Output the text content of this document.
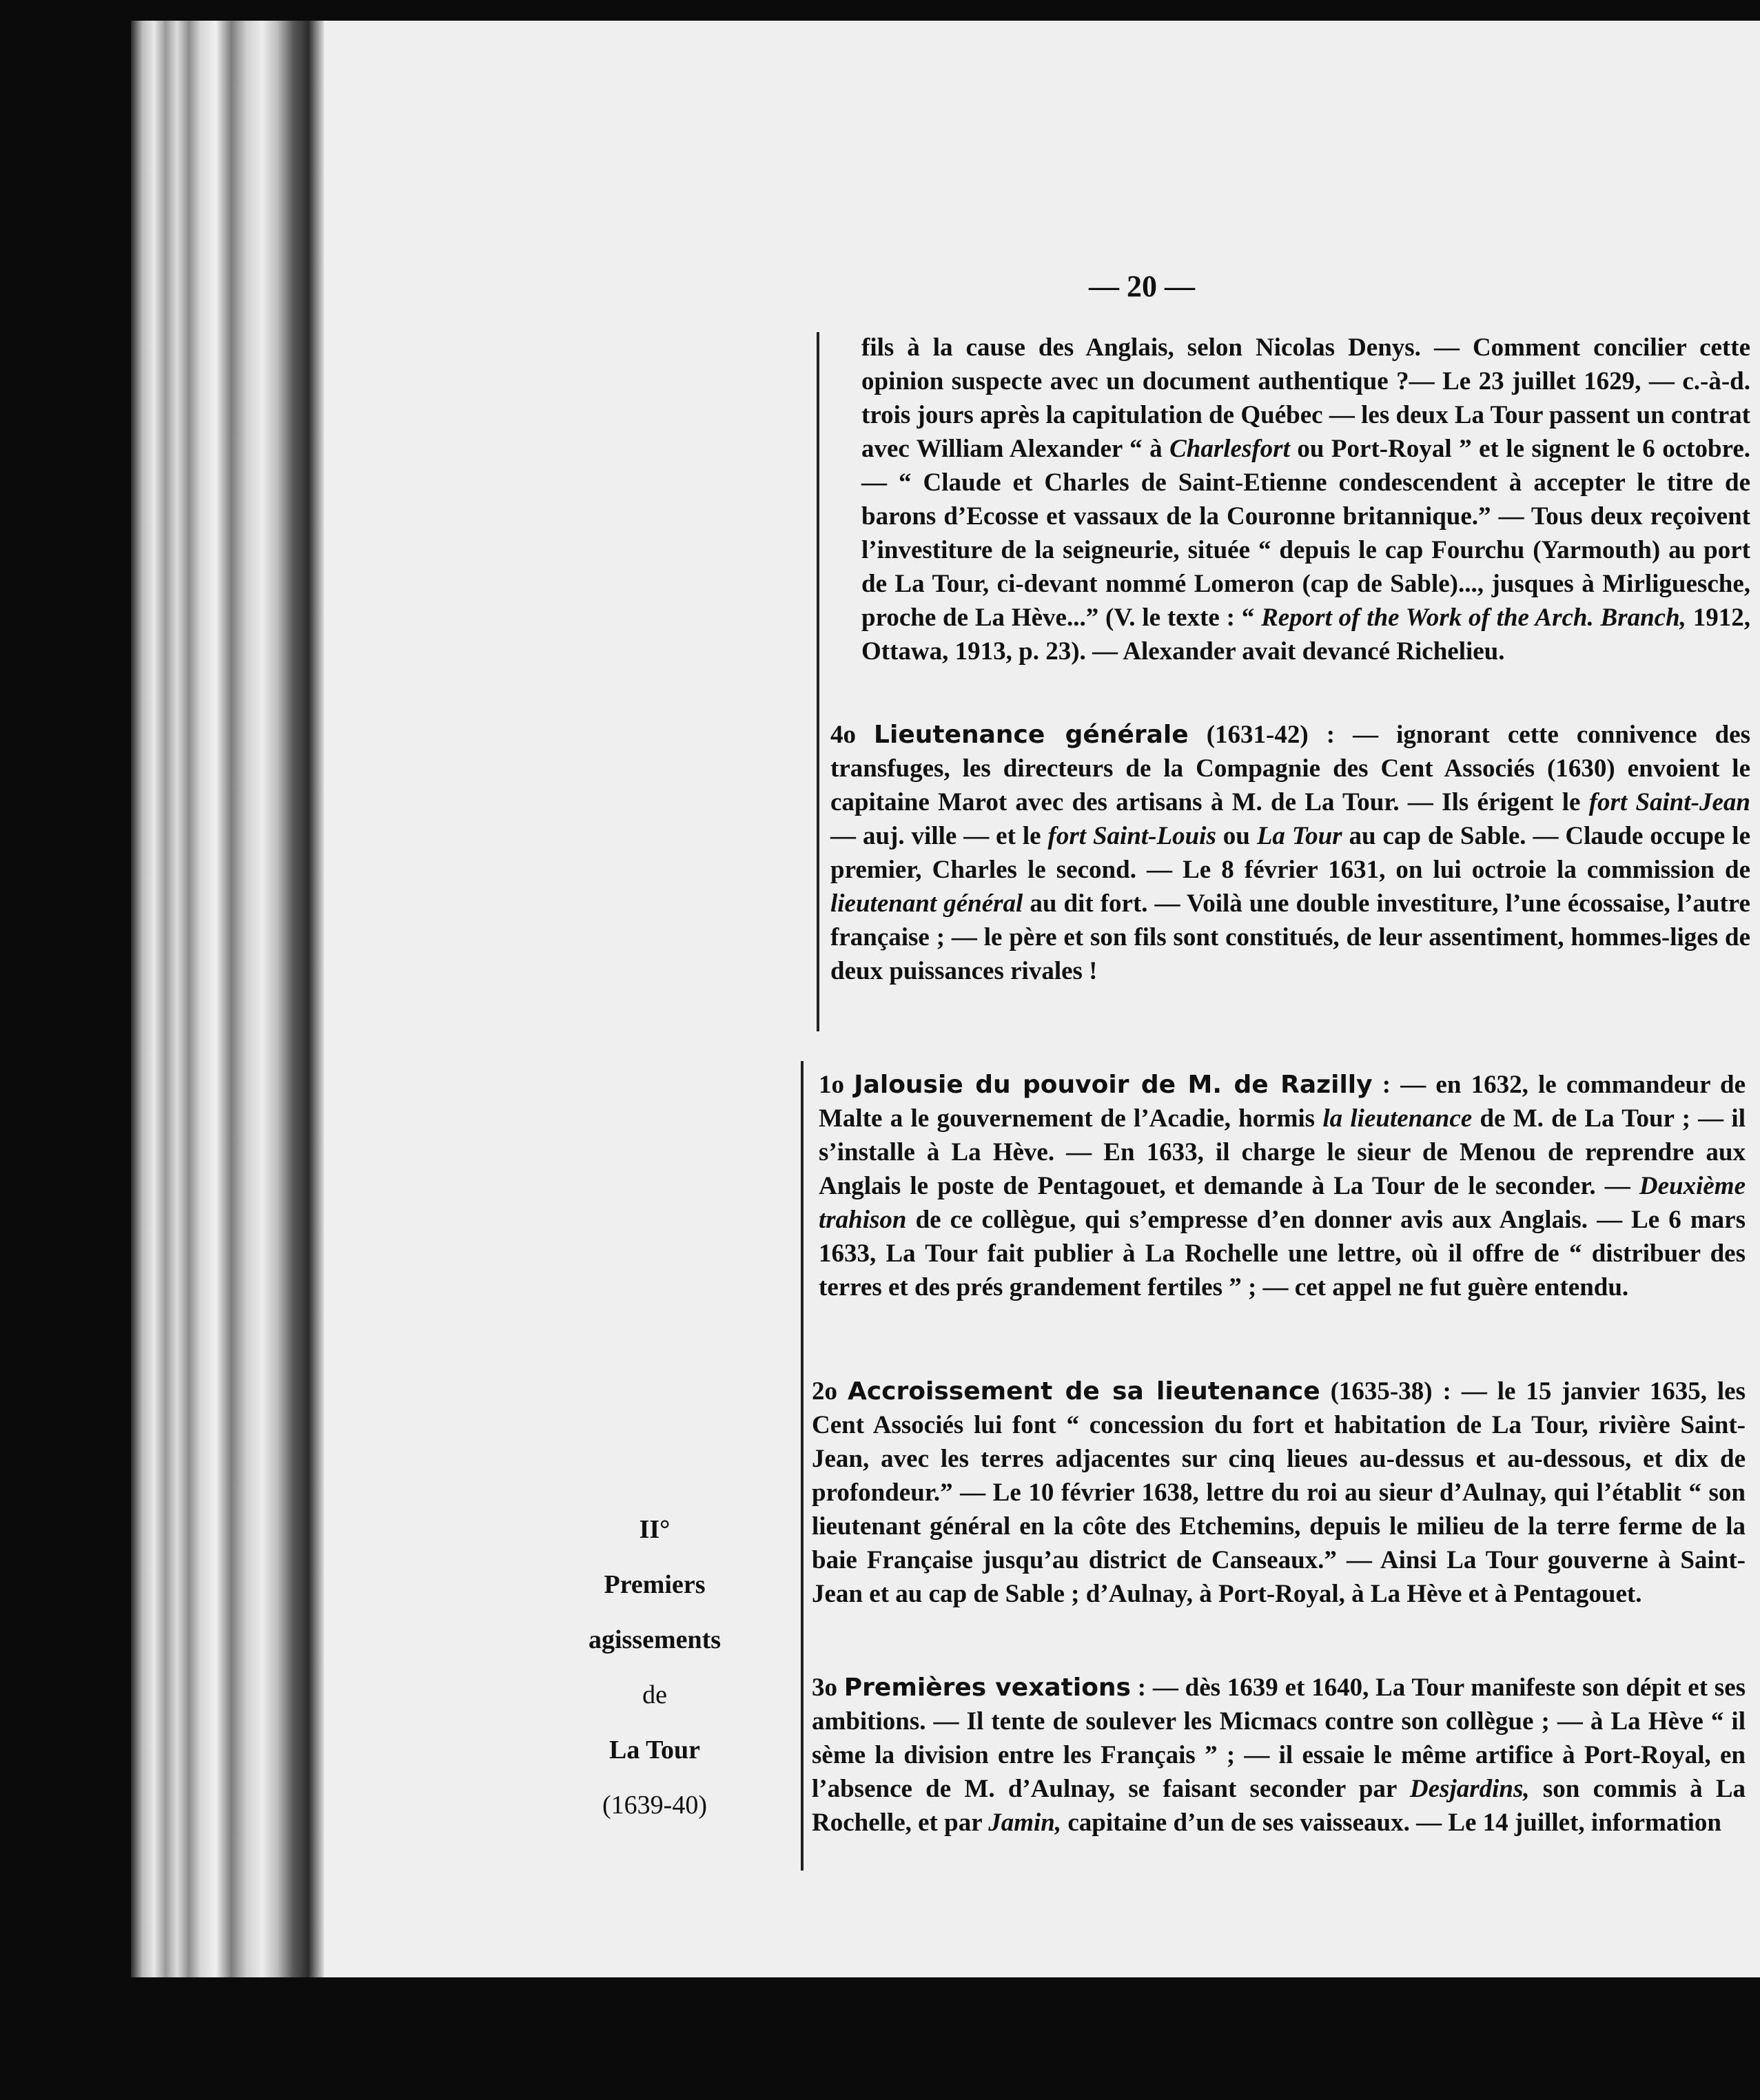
— 20 —

fils à la cause des Anglais, selon Nicolas Denys. — Comment concilier cette opinion suspecte avec un document authentique ?— Le 23 juillet 1629, — c.-à-d. trois jours après la capitulation de Québec — les deux La Tour passent un contrat avec William Alexander “ à Charlesfort ou Port-Royal ” et le signent le 6 octobre. — “ Claude et Charles de Saint-Etienne condescendent à accepter le titre de barons d’Ecosse et vassaux de la Couronne britannique.” — Tous deux reçoivent l’investiture de la seigneurie, située “ depuis le cap Fourchu (Yarmouth) au port de La Tour, ci-devant nommé Lomeron (cap de Sable)..., jusques à Mirliguesche, proche de La Hève...” (V. le texte : “ Report of the Work of the Arch. Branch, 1912, Ottawa, 1913, p. 23). — Alexander avait devancé Richelieu.

4o Lieutenance générale (1631-42) : — ignorant cette connivence des transfuges, les directeurs de la Compagnie des Cent Associés (1630) envoient le capitaine Marot avec des artisans à M. de La Tour. — Ils érigent le fort Saint-Jean — auj. ville — et le fort Saint-Louis ou La Tour au cap de Sable. — Claude occupe le premier, Charles le second. — Le 8 février 1631, on lui octroie la commission de lieutenant général au dit fort. — Voilà une double investiture, l’une écossaise, l’autre française ; — le père et son fils sont constitués, de leur assentiment, hommes-liges de deux puissances rivales !

1o Jalousie du pouvoir de M. de Razilly : — en 1632, le commandeur de Malte a le gouvernement de l’Acadie, hormis la lieutenance de M. de La Tour ; — il s’installe à La Hève. — En 1633, il charge le sieur de Menou de reprendre aux Anglais le poste de Pentagouet, et demande à La Tour de le seconder. — Deuxième trahison de ce collègue, qui s’empresse d’en donner avis aux Anglais. — Le 6 mars 1633, La Tour fait publier à La Rochelle une lettre, où il offre de “ distribuer des terres et des prés grandement fertiles ” ; — cet appel ne fut guère entendu.

2o Accroissement de sa lieutenance (1635-38) : — le 15 janvier 1635, les Cent Associés lui font “ concession du fort et habitation de La Tour, rivière Saint-Jean, avec les terres adjacentes sur cinq lieues au-dessus et au-dessous, et dix de profondeur.” — Le 10 février 1638, lettre du roi au sieur d’Aulnay, qui l’établit “ son lieutenant général en la côte des Etchemins, depuis le milieu de la terre ferme de la baie Française jusqu’au district de Canseaux.” — Ainsi La Tour gouverne à Saint-Jean et au cap de Sable ; d’Aulnay, à Port-Royal, à La Hève et à Pentagouet.

3o Premières vexations : — dès 1639 et 1640, La Tour manifeste son dépit et ses ambitions. — Il tente de soulever les Micmacs contre son collègue ; — à La Hève “ il sème la division entre les Français ” ; — il essaie le même artifice à Port-Royal, en l’absence de M. d’Aulnay, se faisant seconder par Desjardins, son commis à La Rochelle, et par Jamin, capitaine d’un de ses vaisseaux. — Le 14 juillet, information

II°
Premiers
agissements
de
La Tour
(1639-40)
